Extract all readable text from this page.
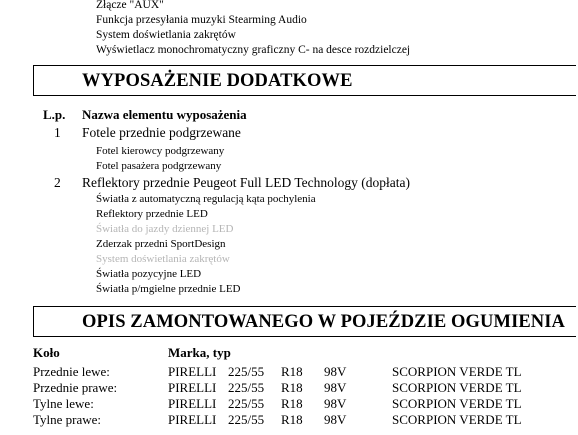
Złącze "AUX"
Funkcja przesyłania muzyki Stearming Audio
System doświetlania zakrętów
Wyświetlacz monochromatyczny graficzny C- na desce rozdzielczej
WYPOSAŻENIE DODATKOWE
L.p. Nazwa elementu wyposażenia
1 Fotele przednie podgrzewane
Fotel kierowcy podgrzewany
Fotel pasażera podgrzewany
2 Reflektory przednie Peugeot Full LED Technology (dopłata)
Światła z automatyczną regulacją kąta pochylenia
Reflektory przednie LED
Światła do jazdy dziennej LED
Zderzak przedni SportDesign
System doświetlania zakrętów
Światła pozycyjne LED
Światła p/mgielne przednie LED
OPIS ZAMONTOWANEGO W POJEŹDZIE OGUMIENIA
Koło	Marka, typ
Przednie lewe:	PIRELLI 225/55 R18 98V	SCORPION VERDE TL
Przednie prawe:	PIRELLI 225/55 R18 98V	SCORPION VERDE TL
Tylne lewe:	PIRELLI 225/55 R18 98V	SCORPION VERDE TL
Tylne prawe:	PIRELLI 225/55 R18 98V	SCORPION VERDE TL
